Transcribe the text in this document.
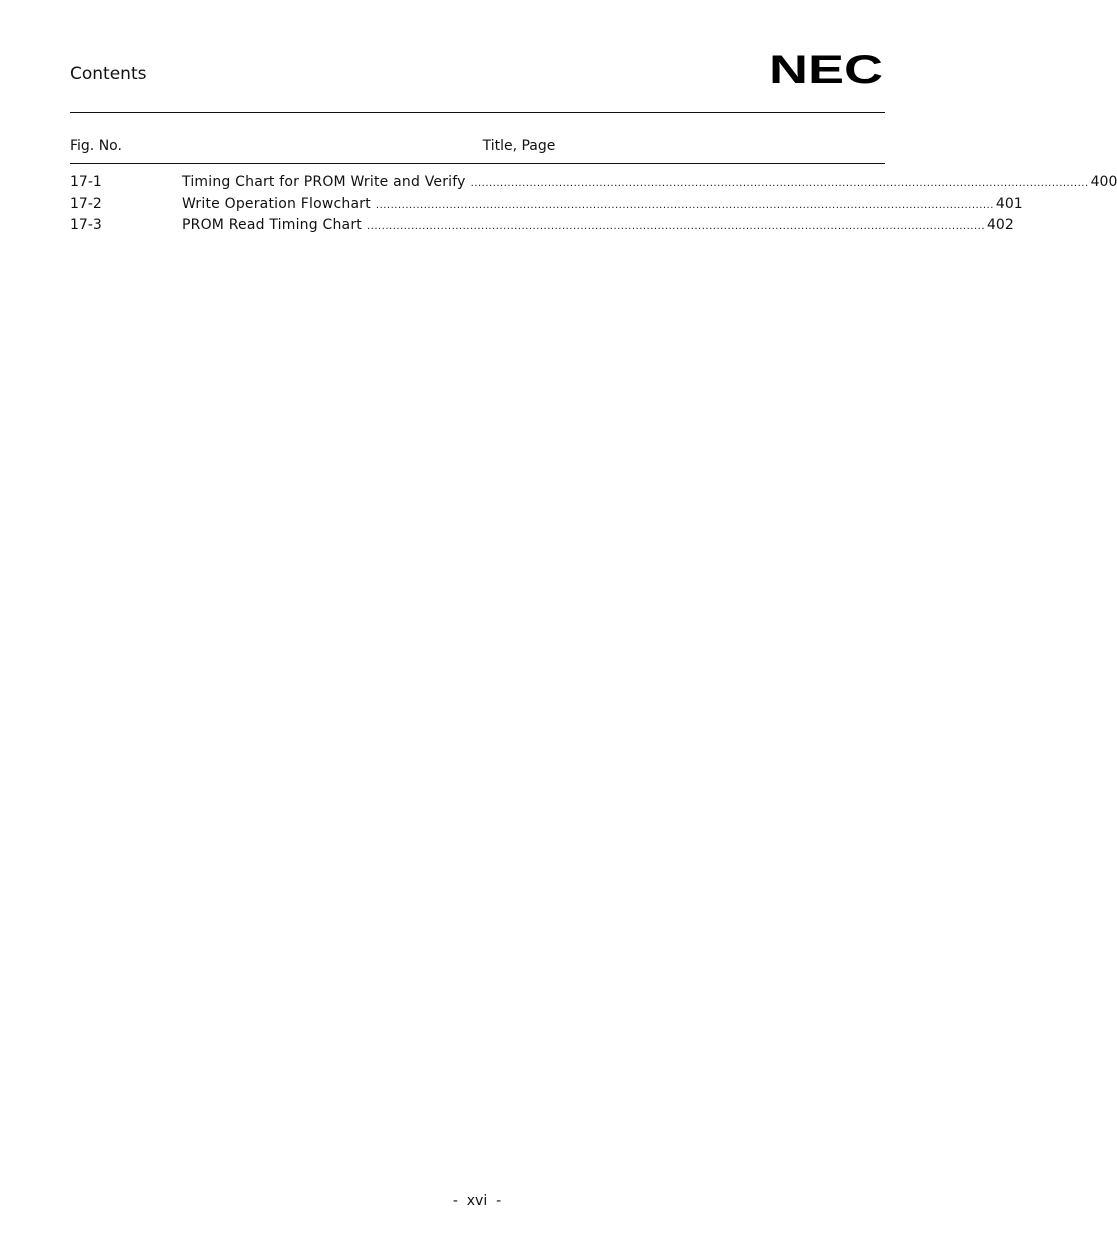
Contents	NEC
Fig. No.	Title, Page
17-1	Timing Chart for PROM Write and Verify ........................................................................................................................................................................ 400
17-2	Write Operation Flowchart ........................................................................................................................................................................ 401
17-3	PROM Read Timing Chart ........................................................................................................................................................................ 402
-  xvi  -
